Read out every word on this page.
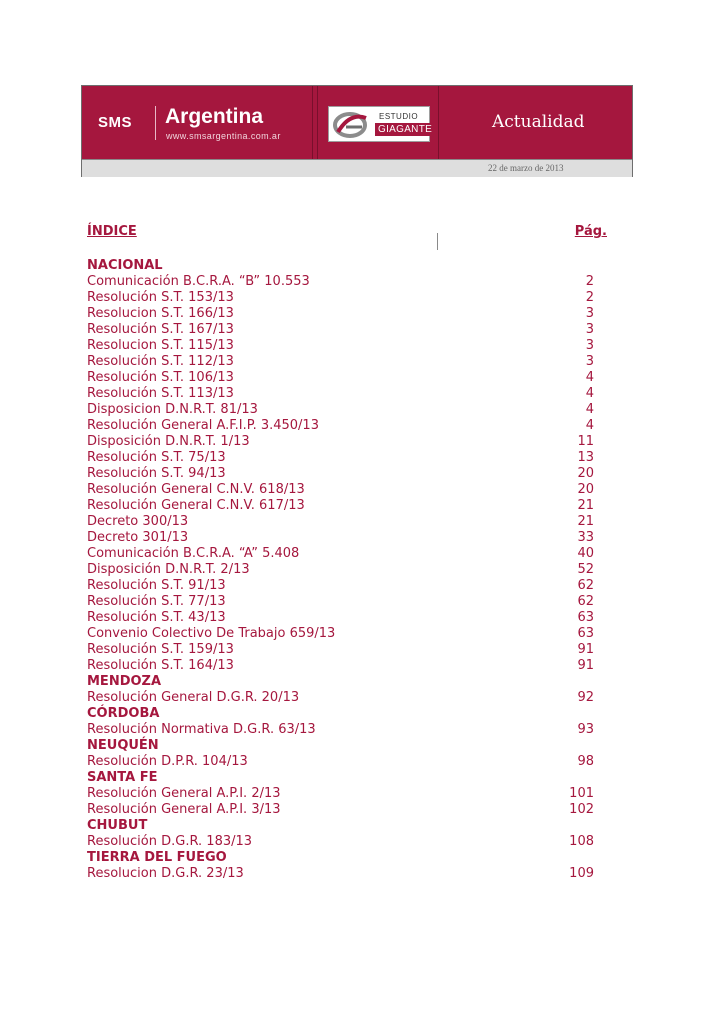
SMS Argentina
www.smsargentina.com.ar
ESTUDIO
GIAGANTE	Actualidad
22 de marzo de 2013
ÍNDICE	Pág.
NACIONAL
Comunicación B.C.R.A. “B” 10.553	2
Resolución S.T. 153/13	2
Resolucion S.T. 166/13	3
Resolución S.T. 167/13	3
Resolucion S.T. 115/13	3
Resolución S.T. 112/13	3
Resolución S.T. 106/13	4
Resolución S.T. 113/13	4
Disposicion D.N.R.T. 81/13	4
Resolución General A.F.I.P. 3.450/13	4
Disposición D.N.R.T. 1/13	11
Resolución S.T. 75/13	13
Resolución S.T. 94/13	20
Resolución General C.N.V. 618/13	20
Resolución General C.N.V. 617/13	21
Decreto 300/13	21
Decreto 301/13	33
Comunicación B.C.R.A. “A” 5.408	40
Disposición D.N.R.T. 2/13	52
Resolución S.T. 91/13	62
Resolución S.T. 77/13	62
Resolución S.T. 43/13	63
Convenio Colectivo De Trabajo 659/13	63
Resolución S.T. 159/13	91
Resolución S.T. 164/13	91
MENDOZA
Resolución General D.G.R. 20/13	92
CÓRDOBA
Resolución Normativa D.G.R. 63/13	93
NEUQUÉN
Resolución D.P.R. 104/13	98
SANTA FE
Resolución General A.P.I. 2/13	101
Resolución General A.P.I. 3/13	102
CHUBUT
Resolución D.G.R. 183/13	108
TIERRA DEL FUEGO
Resolucion D.G.R. 23/13	109
